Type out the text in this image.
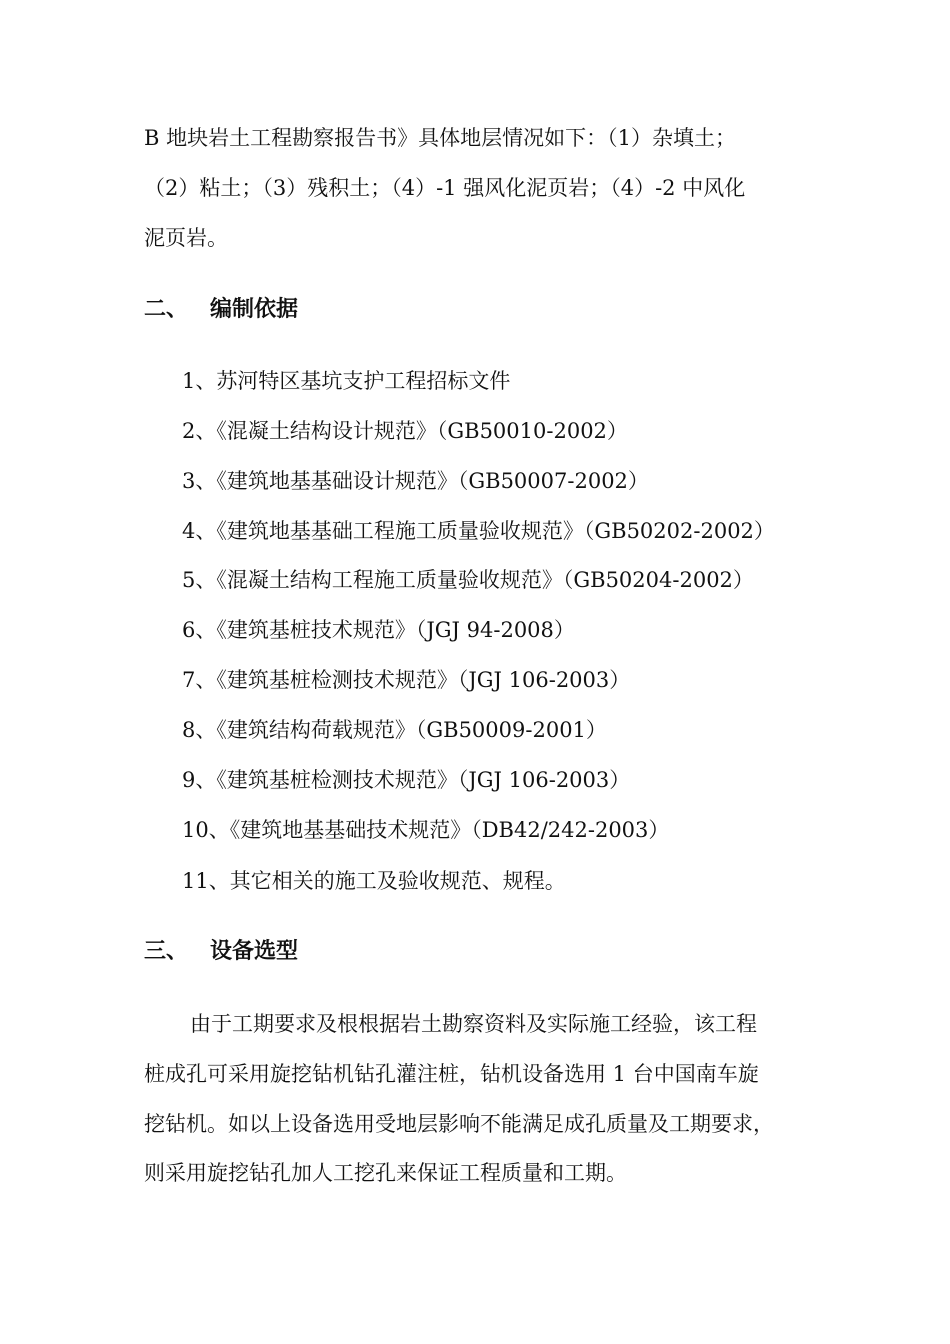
B 地块岩土工程勘察报告书》具体地层情况如下：（1）杂填土；
（2）粘土；（3）残积土；（4）-1 强风化泥页岩；（4）-2 中风化
泥页岩。
二、 编制依据
1、苏河特区基坑支护工程招标文件
2、《混凝土结构设计规范》（GB50010-2002）
3、《建筑地基基础设计规范》（GB50007-2002）
4、《建筑地基基础工程施工质量验收规范》（GB50202-2002）
5、《混凝土结构工程施工质量验收规范》（GB50204-2002）
6、《建筑基桩技术规范》（JGJ 94-2008）
7、《建筑基桩检测技术规范》（JGJ 106-2003）
8、《建筑结构荷载规范》（GB50009-2001）
9、《建筑基桩检测技术规范》（JGJ 106-2003）
10、《建筑地基基础技术规范》（DB42/242-2003）
11、其它相关的施工及验收规范、规程。
三、 设备选型
由于工期要求及根根据岩土勘察资料及实际施工经验，该工程
桩成孔可采用旋挖钻机钻孔灌注桩，钻机设备选用 1 台中国南车旋
挖钻机。如以上设备选用受地层影响不能满足成孔质量及工期要求，
则采用旋挖钻孔加人工挖孔来保证工程质量和工期。
